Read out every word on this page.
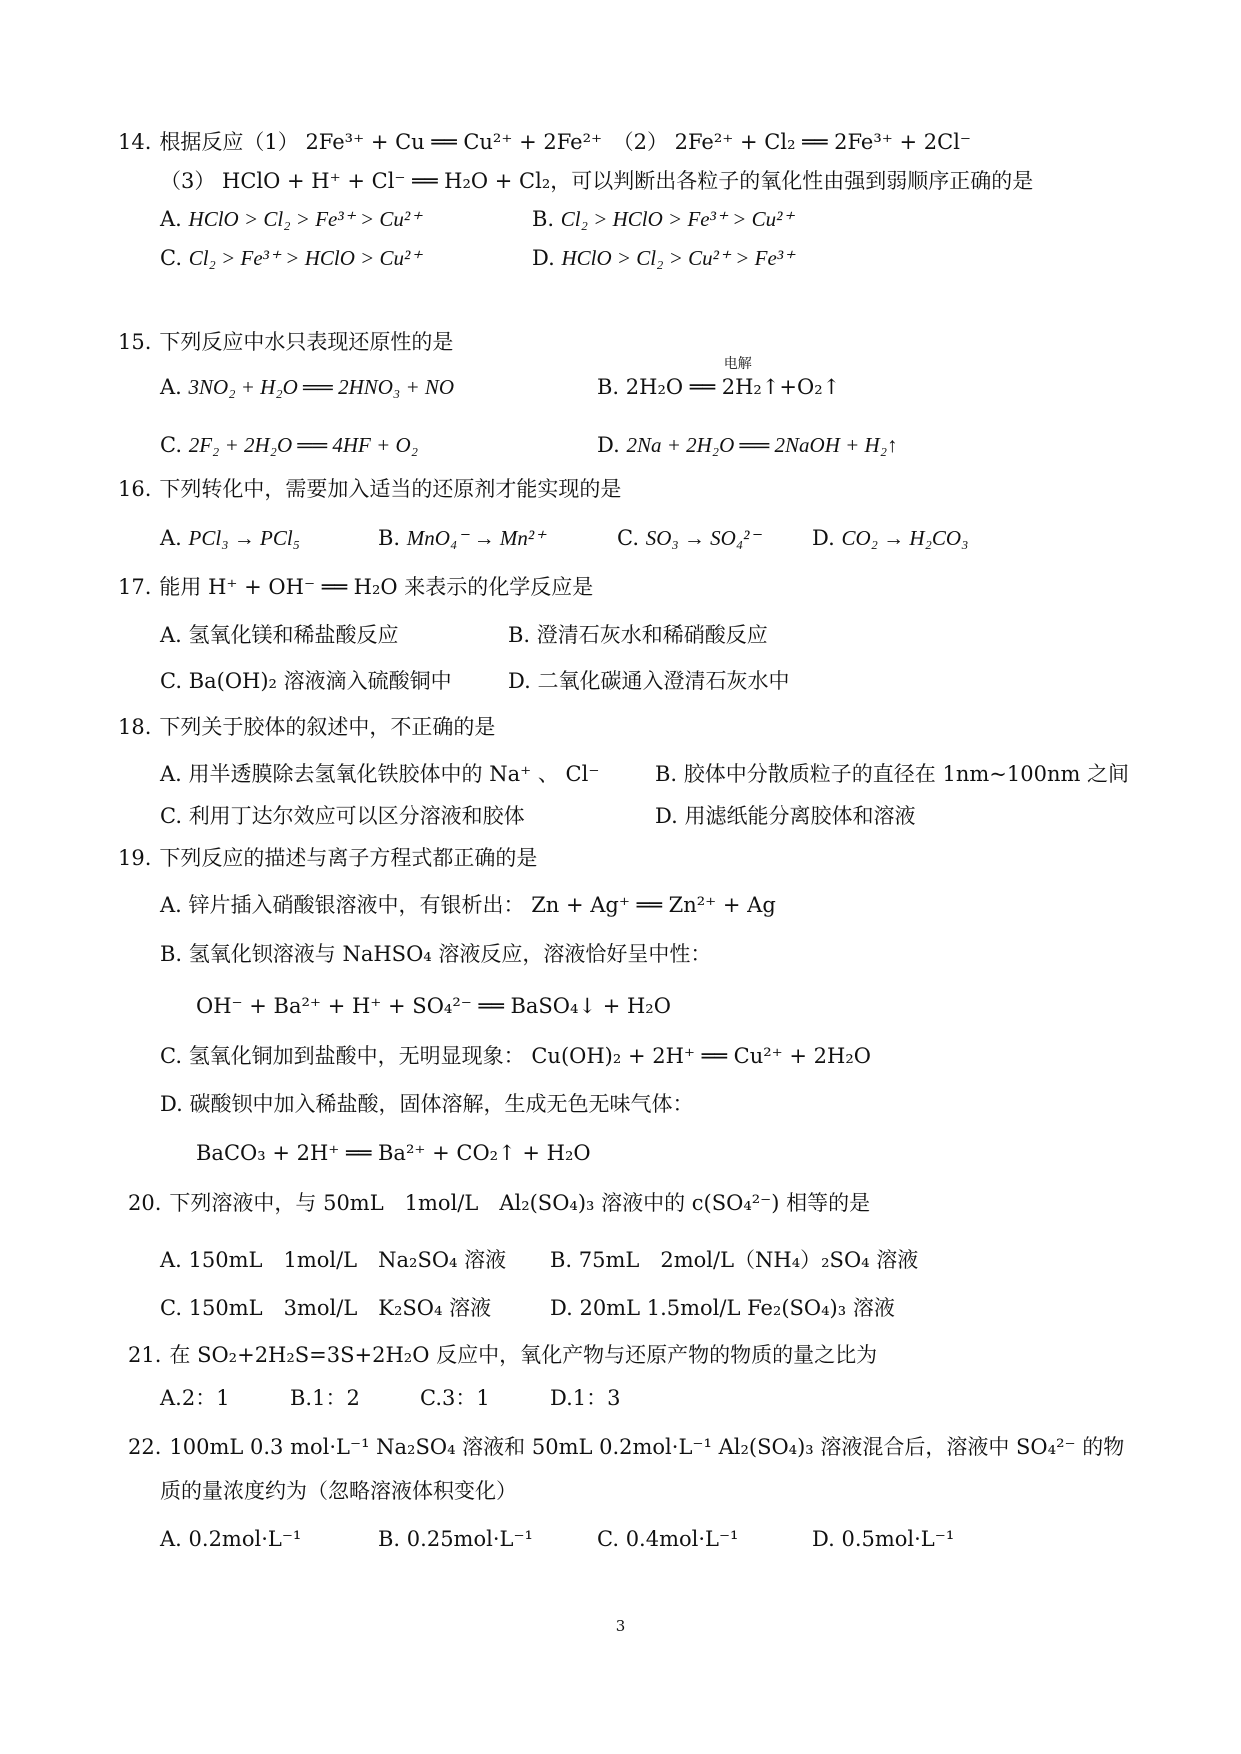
14. 根据反应（1） 2Fe³⁺ + Cu ══ Cu²⁺ + 2Fe²⁺　（2） 2Fe²⁺ + Cl₂ ══ 2Fe³⁺ + 2Cl⁻
（3） HClO + H⁺ + Cl⁻ ══ H₂O + Cl₂，可以判断出各粒子的氧化性由强到弱顺序正确的是
A. HClO > Cl₂ > Fe³⁺ > Cu²⁺	B. Cl₂ > HClO > Fe³⁺ > Cu²⁺
C. Cl₂ > Fe³⁺ > HClO > Cu²⁺	D. HClO > Cl₂ > Cu²⁺ > Fe³⁺
15. 下列反应中水只表现还原性的是
A. 3NO₂ + H₂O ══ 2HNO₃ + NO	B.
电解
2H₂O ══ 2H₂↑+O₂↑
C. 2F₂ + 2H₂O ══ 4HF + O₂	D. 2Na + 2H₂O ══ 2NaOH + H₂↑
16. 下列转化中，需要加入适当的还原剂才能实现的是
A. PCl₃ → PCl₅	B. MnO₄⁻ → Mn²⁺	C. SO₃ → SO₄²⁻ D. CO₂ → H₂CO₃
17. 能用 H⁺ + OH⁻ ══ H₂O 来表示的化学反应是
A. 氢氧化镁和稀盐酸反应	B. 澄清石灰水和稀硝酸反应
C. Ba(OH)₂ 溶液滴入硫酸铜中	D. 二氧化碳通入澄清石灰水中
18. 下列关于胶体的叙述中，不正确的是
A. 用半透膜除去氢氧化铁胶体中的 Na⁺ 、 Cl⁻	B. 胶体中分散质粒子的直径在 1nm~100nm 之间
C. 利用丁达尔效应可以区分溶液和胶体	D. 用滤纸能分离胶体和溶液
19. 下列反应的描述与离子方程式都正确的是
A. 锌片插入硝酸银溶液中，有银析出： Zn + Ag⁺ ══ Zn²⁺ + Ag
B. 氢氧化钡溶液与 NaHSO₄ 溶液反应，溶液恰好呈中性：
OH⁻ + Ba²⁺ + H⁺ + SO₄²⁻ ══ BaSO₄↓ + H₂O
C. 氢氧化铜加到盐酸中，无明显现象： Cu(OH)₂ + 2H⁺ ══ Cu²⁺ + 2H₂O
D. 碳酸钡中加入稀盐酸，固体溶解，生成无色无味气体：
BaCO₃ + 2H⁺ ══ Ba²⁺ + CO₂↑ + H₂O
20. 下列溶液中，与 50mL　1mol/L　Al₂(SO₄)₃ 溶液中的 c(SO₄²⁻) 相等的是
A. 150mL　1mol/L　Na₂SO₄ 溶液 B. 75mL　2mol/L（NH₄）₂SO₄ 溶液
C. 150mL　3mol/L　K₂SO₄ 溶液	D. 20mL 1.5mol/L Fe₂(SO₄)₃ 溶液
21. 在 SO₂+2H₂S=3S+2H₂O 反应中，氧化产物与还原产物的物质的量之比为
A.2：1	B.1：2	C.3：1	D.1：3
22. 100mL 0.3 mol·L⁻¹ Na₂SO₄ 溶液和 50mL 0.2mol·L⁻¹ Al₂(SO₄)₃ 溶液混合后，溶液中 SO₄²⁻ 的物
质的量浓度约为（忽略溶液体积变化）
A. 0.2mol·L⁻¹	B. 0.25mol·L⁻¹	C. 0.4mol·L⁻¹	D. 0.5mol·L⁻¹
3
